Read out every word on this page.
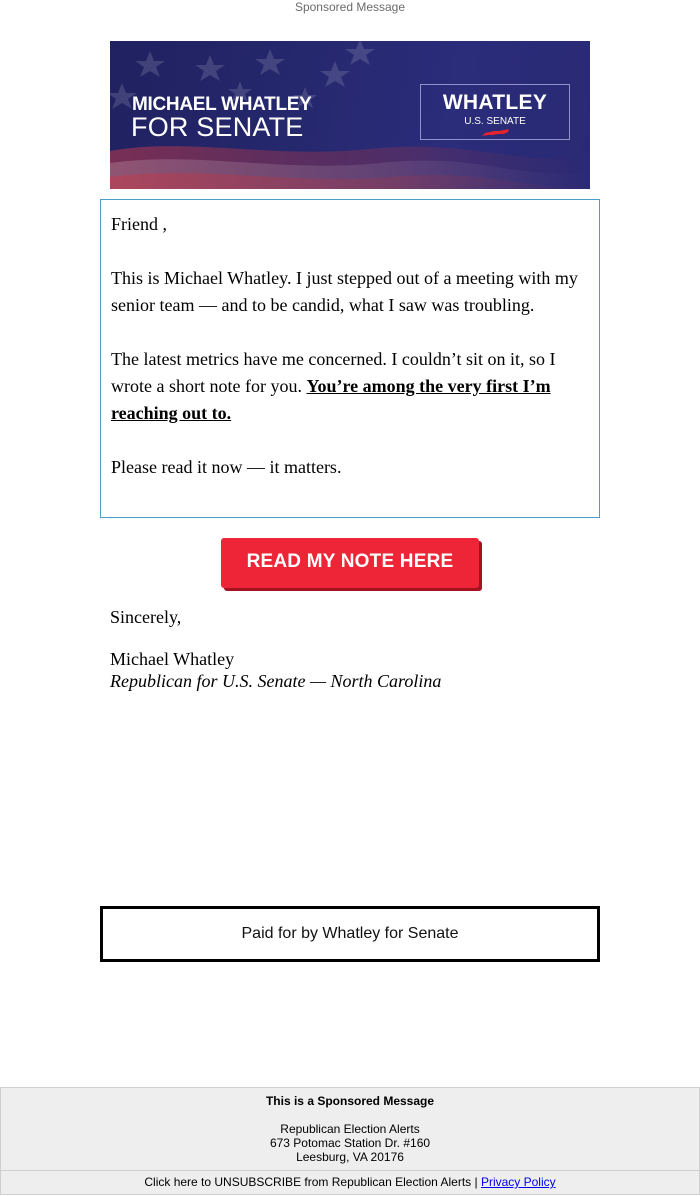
Sponsored Message
MICHAEL WHATLEY
FOR SENATE
WHATLEY
U.S. SENATE

Friend ,

This is Michael Whatley. I just stepped out of a meeting with my senior team — and to be candid, what I saw was troubling.

The latest metrics have me concerned. I couldn’t sit on it, so I wrote a short note for you. You’re among the very first I’m reaching out to.

Please read it now — it matters.

READ MY NOTE HERE

Sincerely,

Michael Whatley

Republican for U.S. Senate — North Carolina

Paid for by Whatley for Senate
This is a Sponsored Message
Republican Election Alerts
673 Potomac Station Dr. #160
Leesburg, VA 20176
Click here to UNSUBSCRIBE from Republican Election Alerts | Privacy Policy
